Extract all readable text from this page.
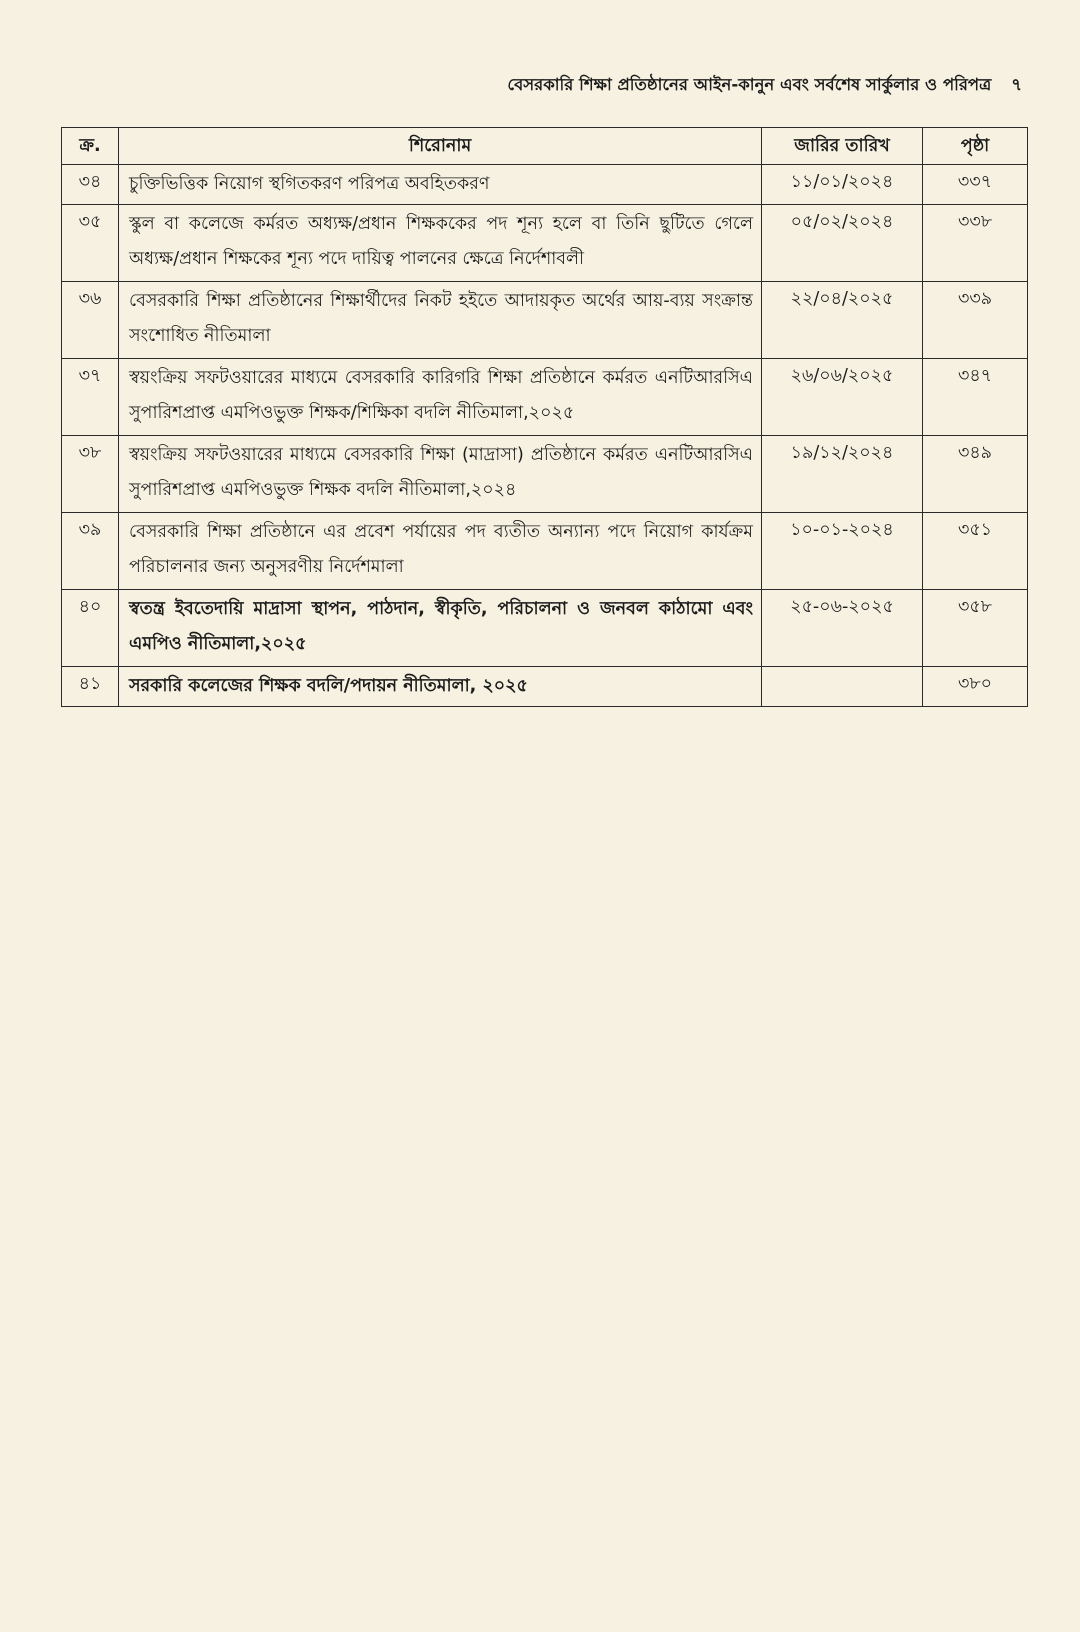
বেসরকারি শিক্ষা প্রতিষ্ঠানের আইন-কানুন এবং সর্বশেষ সার্কুলার ও পরিপত্র ৭
ক্র.	শিরোনাম	জারির তারিখ	পৃষ্ঠা
৩৪	চুক্তিভিত্তিক নিয়োগ স্থগিতকরণ পরিপত্র অবহিতকরণ	১১/০১/২০২৪	৩৩৭
৩৫	স্কুল বা কলেজে কর্মরত অধ্যক্ষ/প্রধান শিক্ষককের পদ শূন্য হলে বা তিনি ছুটিতে গেলে অধ্যক্ষ/প্রধান শিক্ষকের শূন্য পদে দায়িত্ব পালনের ক্ষেত্রে নির্দেশাবলী	০৫/০২/২০২৪	৩৩৮
৩৬	বেসরকারি শিক্ষা প্রতিষ্ঠানের শিক্ষার্থীদের নিকট হইতে আদায়কৃত অর্থের আয়-ব্যয় সংক্রান্ত সংশোধিত নীতিমালা	২২/০৪/২০২৫	৩৩৯
৩৭	স্বয়ংক্রিয় সফটওয়ারের মাধ্যমে বেসরকারি কারিগরি শিক্ষা প্রতিষ্ঠানে কর্মরত এনটিআরসিএ সুপারিশপ্রাপ্ত এমপিওভুক্ত শিক্ষক/শিক্ষিকা বদলি নীতিমালা,২০২৫	২৬/০৬/২০২৫	৩৪৭
৩৮	স্বয়ংক্রিয় সফটওয়ারের মাধ্যমে বেসরকারি শিক্ষা (মাদ্রাসা) প্রতিষ্ঠানে কর্মরত এনটিআরসিএ সুপারিশপ্রাপ্ত এমপিওভুক্ত শিক্ষক বদলি নীতিমালা,২০২৪	১৯/১২/২০২৪	৩৪৯
৩৯	বেসরকারি শিক্ষা প্রতিষ্ঠানে এর প্রবেশ পর্যায়ের পদ ব্যতীত অন্যান্য পদে নিয়োগ কার্যক্রম পরিচালনার জন্য অনুসরণীয় নির্দেশমালা	১০-০১-২০২৪	৩৫১
৪০	স্বতন্ত্র ইবতেদায়ি মাদ্রাসা স্থাপন, পাঠদান, স্বীকৃতি, পরিচালনা ও জনবল কাঠামো এবং এমপিও নীতিমালা,২০২৫	২৫-০৬-২০২৫	৩৫৮
৪১	সরকারি কলেজের শিক্ষক বদলি/পদায়ন নীতিমালা, ২০২৫		৩৮০
